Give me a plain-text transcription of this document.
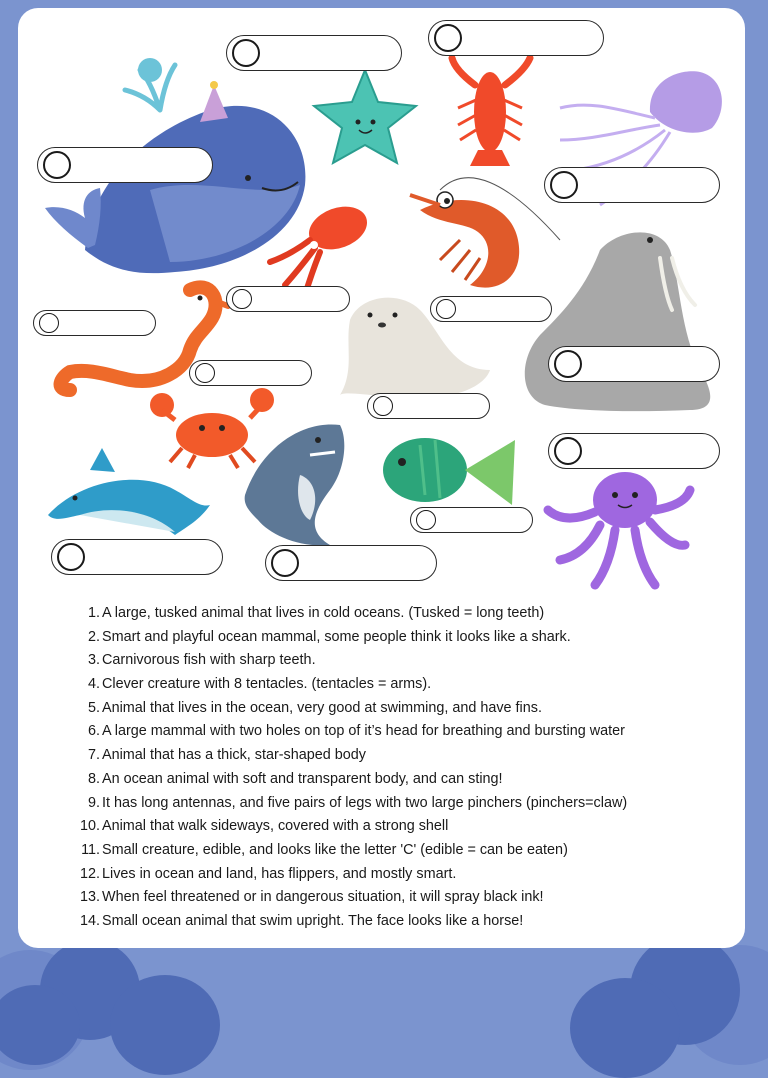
1. A large, tusked animal that lives in cold oceans. (Tusked = long teeth)
2. Smart and playful ocean mammal, some people think it looks like a shark.
3. Carnivorous fish with sharp teeth.
4. Clever creature with 8 tentacles. (tentacles = arms).
5. Animal that lives in the ocean, very good at swimming, and have fins.
6. A large mammal with two holes on top of it’s head for breathing and bursting water
7. Animal that has a thick, star-shaped body
8. An ocean animal with soft and transparent body, and can sting!
9. It has long antennas, and five pairs of legs with two large pinchers (pinchers=claw)
10. Animal that walk sideways, covered with a strong shell
11. Small creature, edible, and looks like the letter 'C' (edible = can be eaten)
12. Lives in ocean and land, has flippers, and mostly smart.
13. When feel threatened or in dangerous situation, it will spray black ink!
14. Small ocean animal that swim upright. The face looks like a horse!
